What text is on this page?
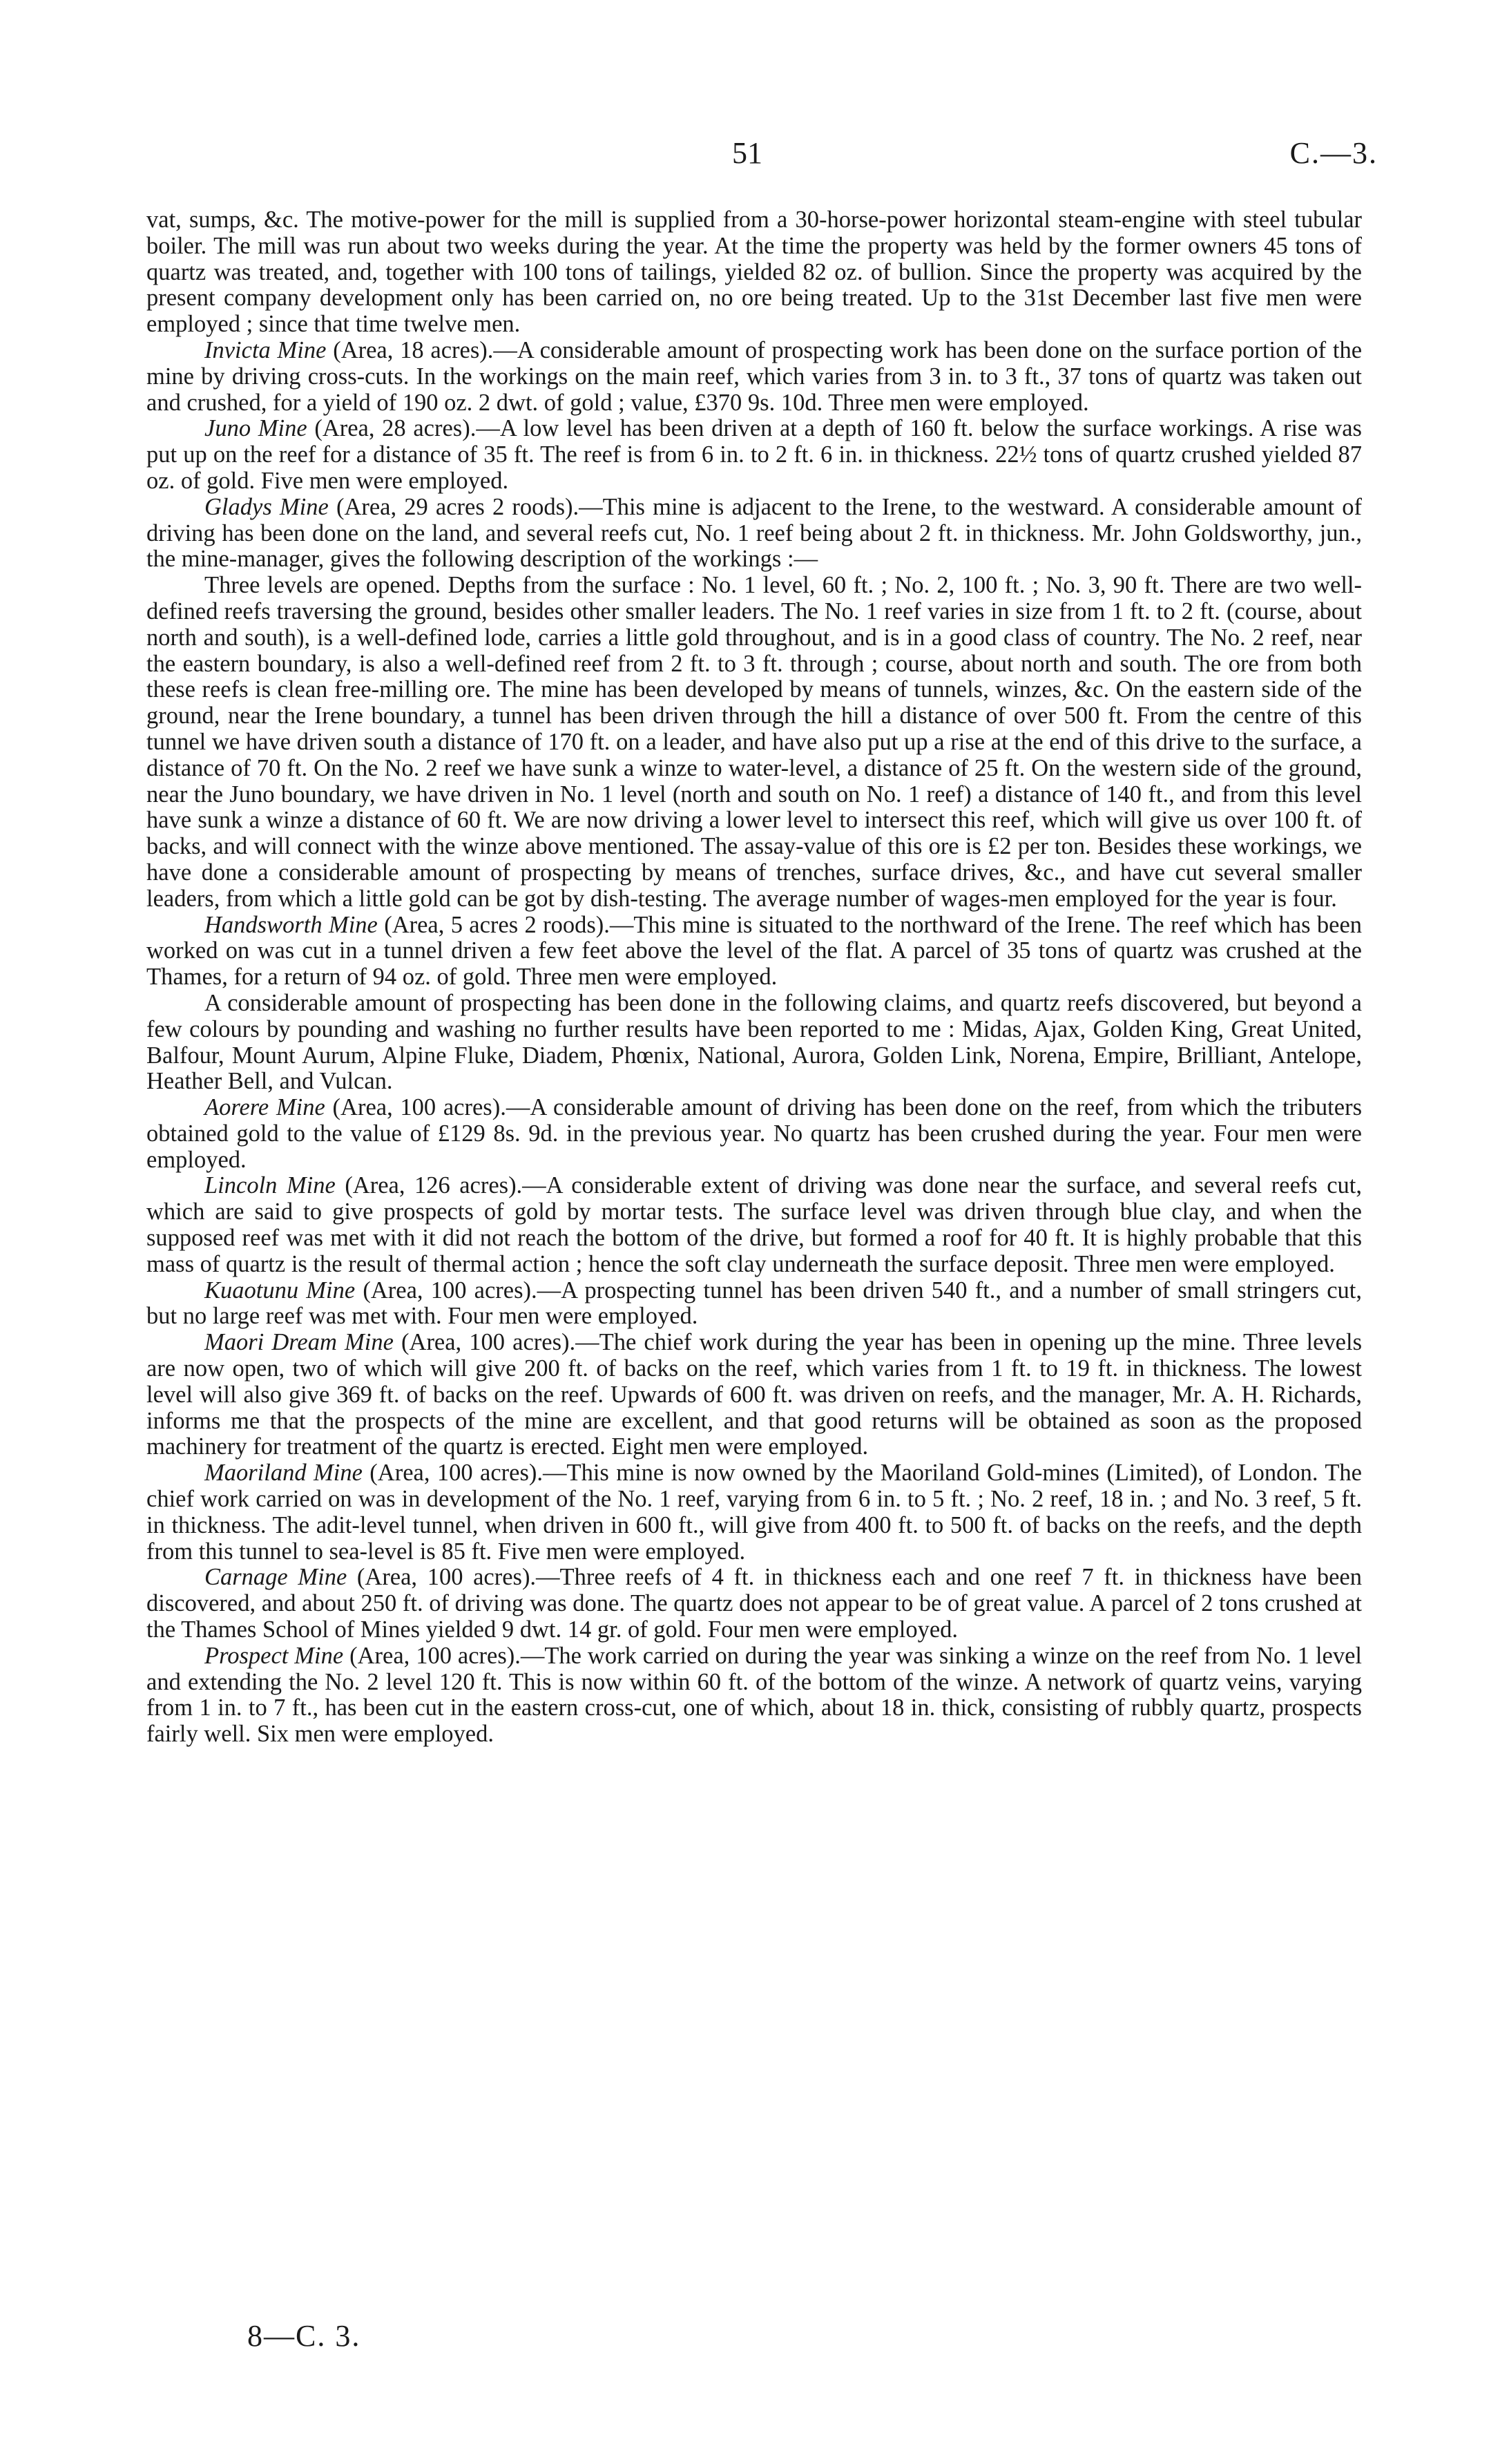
51	C.—3.

vat, sumps, &c. The motive-power for the mill is supplied from a 30-horse-power horizontal steam-engine with steel tubular boiler. The mill was run about two weeks during the year. At the time the property was held by the former owners 45 tons of quartz was treated, and, together with 100 tons of tailings, yielded 82 oz. of bullion. Since the property was acquired by the present company development only has been carried on, no ore being treated. Up to the 31st December last five men were employed ; since that time twelve men.

Invicta Mine (Area, 18 acres).—A considerable amount of prospecting work has been done on the surface portion of the mine by driving cross-cuts. In the workings on the main reef, which varies from 3 in. to 3 ft., 37 tons of quartz was taken out and crushed, for a yield of 190 oz. 2 dwt. of gold ; value, £370 9s. 10d. Three men were employed.

Juno Mine (Area, 28 acres).—A low level has been driven at a depth of 160 ft. below the surface workings. A rise was put up on the reef for a distance of 35 ft. The reef is from 6 in. to 2 ft. 6 in. in thickness. 22½ tons of quartz crushed yielded 87 oz. of gold. Five men were employed.

Gladys Mine (Area, 29 acres 2 roods).—This mine is adjacent to the Irene, to the westward. A considerable amount of driving has been done on the land, and several reefs cut, No. 1 reef being about 2 ft. in thickness. Mr. John Goldsworthy, jun., the mine-manager, gives the following description of the workings :—

Three levels are opened. Depths from the surface : No. 1 level, 60 ft. ; No. 2, 100 ft. ; No. 3, 90 ft. There are two well-defined reefs traversing the ground, besides other smaller leaders. The No. 1 reef varies in size from 1 ft. to 2 ft. (course, about north and south), is a well-defined lode, carries a little gold throughout, and is in a good class of country. The No. 2 reef, near the eastern boundary, is also a well-defined reef from 2 ft. to 3 ft. through ; course, about north and south. The ore from both these reefs is clean free-milling ore. The mine has been developed by means of tunnels, winzes, &c. On the eastern side of the ground, near the Irene boundary, a tunnel has been driven through the hill a distance of over 500 ft. From the centre of this tunnel we have driven south a distance of 170 ft. on a leader, and have also put up a rise at the end of this drive to the surface, a distance of 70 ft. On the No. 2 reef we have sunk a winze to water-level, a distance of 25 ft. On the western side of the ground, near the Juno boundary, we have driven in No. 1 level (north and south on No. 1 reef) a distance of 140 ft., and from this level have sunk a winze a distance of 60 ft. We are now driving a lower level to intersect this reef, which will give us over 100 ft. of backs, and will connect with the winze above mentioned. The assay-value of this ore is £2 per ton. Besides these workings, we have done a considerable amount of prospecting by means of trenches, surface drives, &c., and have cut several smaller leaders, from which a little gold can be got by dish-testing. The average number of wages-men employed for the year is four.

Handsworth Mine (Area, 5 acres 2 roods).—This mine is situated to the northward of the Irene. The reef which has been worked on was cut in a tunnel driven a few feet above the level of the flat. A parcel of 35 tons of quartz was crushed at the Thames, for a return of 94 oz. of gold. Three men were employed.

A considerable amount of prospecting has been done in the following claims, and quartz reefs discovered, but beyond a few colours by pounding and washing no further results have been reported to me : Midas, Ajax, Golden King, Great United, Balfour, Mount Aurum, Alpine Fluke, Diadem, Phœnix, National, Aurora, Golden Link, Norena, Empire, Brilliant, Antelope, Heather Bell, and Vulcan.

Aorere Mine (Area, 100 acres).—A considerable amount of driving has been done on the reef, from which the tributers obtained gold to the value of £129 8s. 9d. in the previous year. No quartz has been crushed during the year. Four men were employed.

Lincoln Mine (Area, 126 acres).—A considerable extent of driving was done near the surface, and several reefs cut, which are said to give prospects of gold by mortar tests. The surface level was driven through blue clay, and when the supposed reef was met with it did not reach the bottom of the drive, but formed a roof for 40 ft. It is highly probable that this mass of quartz is the result of thermal action ; hence the soft clay underneath the surface deposit. Three men were employed.

Kuaotunu Mine (Area, 100 acres).—A prospecting tunnel has been driven 540 ft., and a number of small stringers cut, but no large reef was met with. Four men were employed.

Maori Dream Mine (Area, 100 acres).—The chief work during the year has been in opening up the mine. Three levels are now open, two of which will give 200 ft. of backs on the reef, which varies from 1 ft. to 19 ft. in thickness. The lowest level will also give 369 ft. of backs on the reef. Upwards of 600 ft. was driven on reefs, and the manager, Mr. A. H. Richards, informs me that the prospects of the mine are excellent, and that good returns will be obtained as soon as the proposed machinery for treatment of the quartz is erected. Eight men were employed.

Maoriland Mine (Area, 100 acres).—This mine is now owned by the Maoriland Gold-mines (Limited), of London. The chief work carried on was in development of the No. 1 reef, varying from 6 in. to 5 ft. ; No. 2 reef, 18 in. ; and No. 3 reef, 5 ft. in thickness. The adit-level tunnel, when driven in 600 ft., will give from 400 ft. to 500 ft. of backs on the reefs, and the depth from this tunnel to sea-level is 85 ft. Five men were employed.

Carnage Mine (Area, 100 acres).—Three reefs of 4 ft. in thickness each and one reef 7 ft. in thickness have been discovered, and about 250 ft. of driving was done. The quartz does not appear to be of great value. A parcel of 2 tons crushed at the Thames School of Mines yielded 9 dwt. 14 gr. of gold. Four men were employed.

Prospect Mine (Area, 100 acres).—The work carried on during the year was sinking a winze on the reef from No. 1 level and extending the No. 2 level 120 ft. This is now within 60 ft. of the bottom of the winze. A network of quartz veins, varying from 1 in. to 7 ft., has been cut in the eastern cross-cut, one of which, about 18 in. thick, consisting of rubbly quartz, prospects fairly well. Six men were employed.

8—C. 3.
